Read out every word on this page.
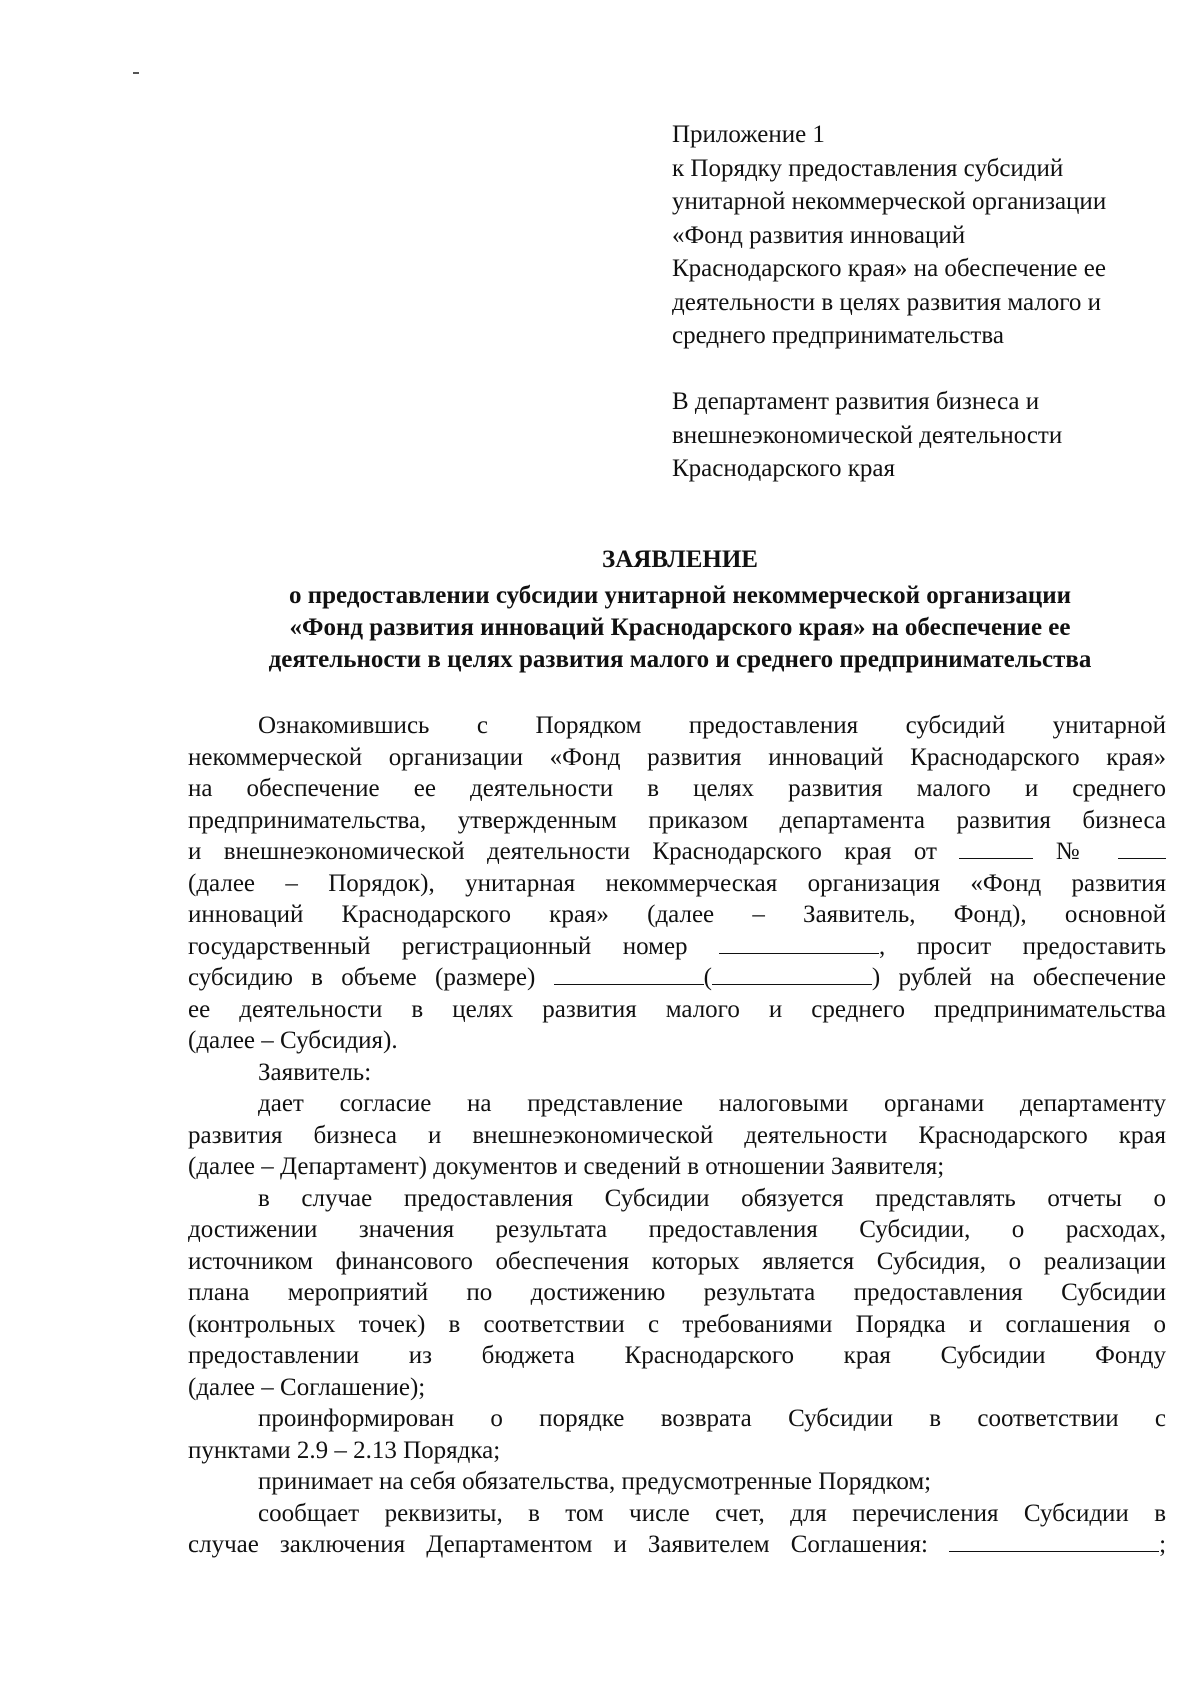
Приложение 1
к Порядку предоставления субсидий
унитарной некоммерческой организации
«Фонд развития инноваций
Краснодарского края» на обеспечение ее
деятельности в целях развития малого и
среднего предпринимательства
В департамент развития бизнеса и
внешнеэкономической деятельности
Краснодарского края
ЗАЯВЛЕНИЕ
о предоставлении субсидии унитарной некоммерческой организации
«Фонд развития инноваций Краснодарского края» на обеспечение ее
деятельности в целях развития малого и среднего предпринимательства
Ознакомившись с Порядком предоставления субсидий унитарной
некоммерческой организации «Фонд развития инноваций Краснодарского края»
на обеспечение ее деятельности в целях развития малого и среднего
предпринимательства, утвержденным приказом департамента развития бизнеса
и внешнеэкономической деятельности Краснодарского края от	№
(далее – Порядок), унитарная некоммерческая организация «Фонд развития
инноваций Краснодарского края» (далее – Заявитель, Фонд), основной
государственный регистрационный номер	, просит предоставить
субсидию в объеме (размере)	(	) рублей на обеспечение
ее деятельности в целях развития малого и среднего предпринимательства
(далее – Субсидия).
Заявитель:
дает согласие на представление налоговыми органами департаменту
развития бизнеса и внешнеэкономической деятельности Краснодарского края
(далее – Департамент) документов и сведений в отношении Заявителя;
в случае предоставления Субсидии обязуется представлять отчеты о
достижении значения результата предоставления Субсидии, о расходах,
источником финансового обеспечения которых является Субсидия, о реализации
плана мероприятий по достижению результата предоставления Субсидии
(контрольных точек) в соответствии с требованиями Порядка и соглашения о
предоставлении из бюджета Краснодарского края Субсидии Фонду
(далее – Соглашение);
проинформирован о порядке возврата Субсидии в соответствии с
пунктами 2.9 – 2.13 Порядка;
принимает на себя обязательства, предусмотренные Порядком;
сообщает реквизиты, в том числе счет, для перечисления Субсидии в
случае заключения Департаментом и Заявителем Соглашения:	;
